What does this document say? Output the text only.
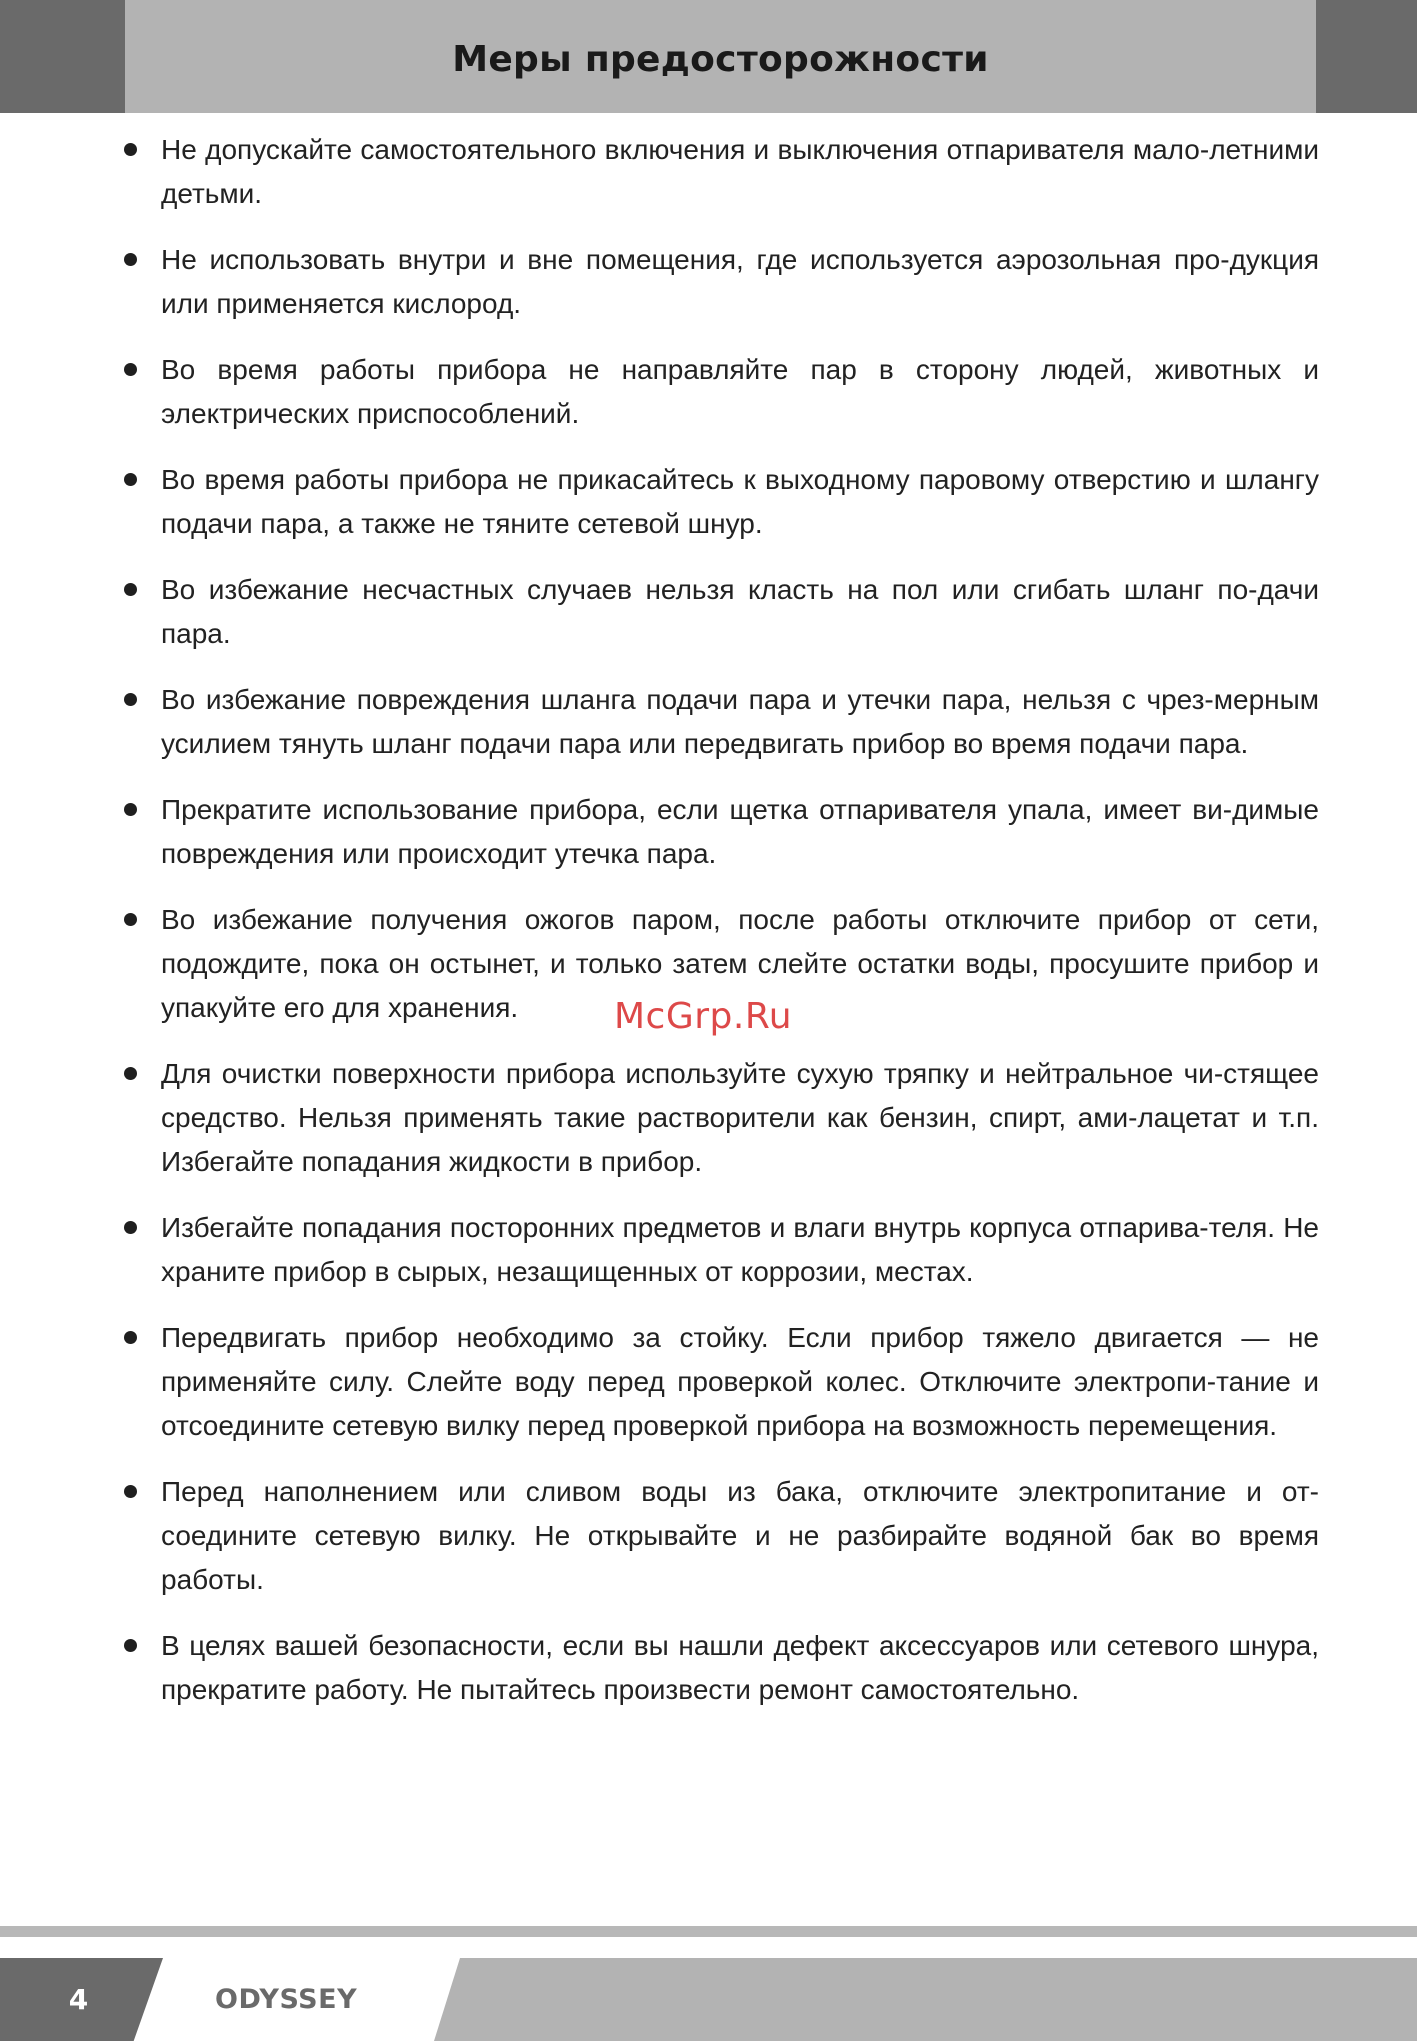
Меры предосторожности
Не допускайте самостоятельного включения и выключения отпаривателя мало-летними детьми.
Не использовать внутри и вне помещения, где используется аэрозольная про-дукция или применяется кислород.
Во время работы прибора не направляйте пар в сторону людей, животных и электрических приспособлений.
Во время работы прибора не прикасайтесь к выходному паровому отверстию и шлангу подачи пара, а также не тяните сетевой шнур.
Во избежание несчастных случаев нельзя класть на пол или сгибать шланг по-дачи пара.
Во избежание повреждения шланга подачи пара и утечки пара, нельзя с чрез-мерным усилием тянуть шланг подачи пара или передвигать прибор во время подачи пара.
Прекратите использование прибора, если щетка отпаривателя упала, имеет ви-димые повреждения или происходит утечка пара.
Во избежание получения ожогов паром, после работы отключите прибор от сети, подождите, пока он остынет, и только затем слейте остатки воды, просушите прибор и упакуйте его для хранения.
Для очистки поверхности прибора используйте сухую тряпку и нейтральное чи-стящее средство. Нельзя применять такие растворители как бензин, спирт, ами-лацетат и т.п. Избегайте попадания жидкости в прибор.
Избегайте попадания посторонних предметов и влаги внутрь корпуса отпарива-теля. Не храните прибор в сырых, незащищенных от коррозии, местах.
Передвигать прибор необходимо за стойку. Если прибор тяжело двигается — не применяйте силу. Слейте воду перед проверкой колес. Отключите электропи-тание и отсоедините сетевую вилку перед проверкой прибора на возможность перемещения.
Перед наполнением или сливом воды из бака, отключите электропитание и от-соедините сетевую вилку. Не открывайте и не разбирайте водяной бак во время работы.
В целях вашей безопасности, если вы нашли дефект аксессуаров или сетевого шнура, прекратите работу. Не пытайтесь произвести ремонт самостоятельно.
McGrp.Ru
4	ODYSSEY
